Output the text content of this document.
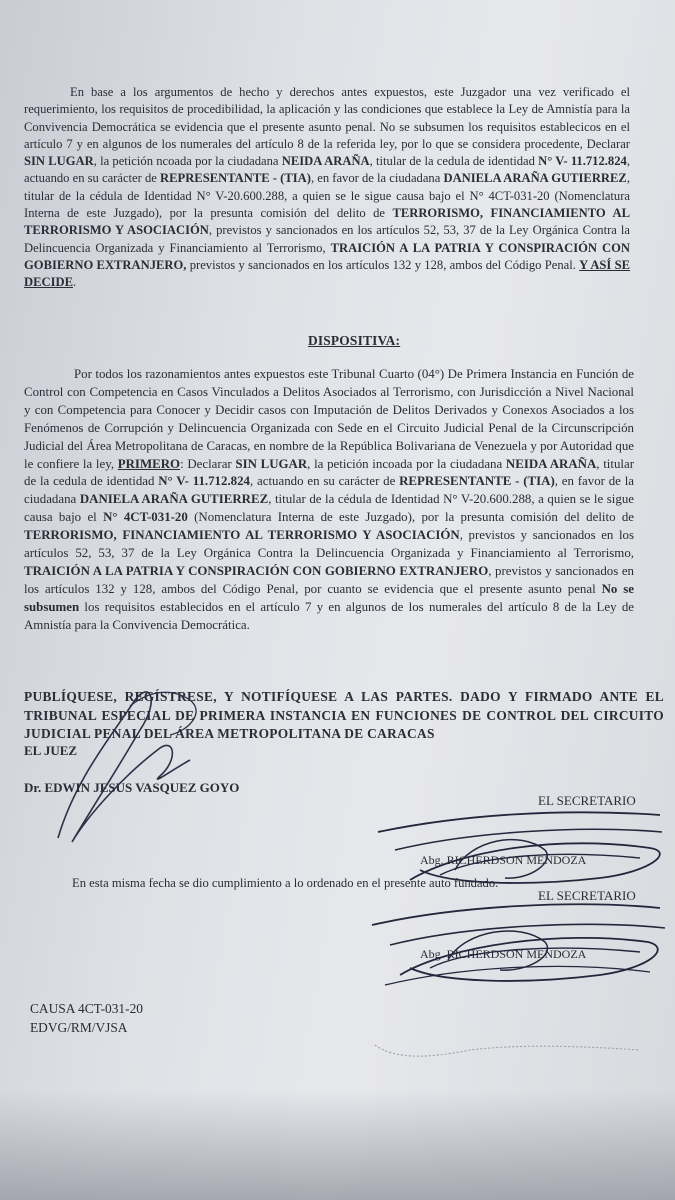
En base a los argumentos de hecho y derechos antes expuestos, este Juzgador una vez verificado el requerimiento, los requisitos de procedibilidad, la aplicación y las condiciones que establece la Ley de Amnistía para la Convivencia Democrática se evidencia que el presente asunto penal. No se subsumen los requisitos establecicos en el artículo 7 y en algunos de los numerales del artículo 8 de la referida ley, por lo que se considera procedente, Declarar SIN LUGAR, la petición ncoada por la ciudadana NEIDA ARAÑA, titular de la cedula de identidad N° V- 11.712.824, actuando en su carácter de REPRESENTANTE - (TIA), en favor de la ciudadana DANIELA ARAÑA GUTIERREZ, titular de la cédula de Identidad N° V-20.600.288, a quien se le sigue causa bajo el N° 4CT-031-20 (Nomenclatura Interna de este Juzgado), por la presunta comisión del delito de TERRORISMO, FINANCIAMIENTO AL TERRORISMO Y ASOCIACIÓN, previstos y sancionados en los artículos 52, 53, 37 de la Ley Orgánica Contra la Delincuencia Organizada y Financiamiento al Terrorismo, TRAICIÓN A LA PATRIA Y CONSPIRACIÓN CON GOBIERNO EXTRANJERO, previstos y sancionados en los artículos 132 y 128, ambos del Código Penal. Y ASÍ SE DECIDE.

DISPOSITIVA:

Por todos los razonamientos antes expuestos este Tribunal Cuarto (04°) De Primera Instancia en Función de Control con Competencia en Casos Vinculados a Delitos Asociados al Terrorismo, con Jurisdicción a Nivel Nacional y con Competencia para Conocer y Decidir casos con Imputación de Delitos Derivados y Conexos Asociados a los Fenómenos de Corrupción y Delincuencia Organizada con Sede en el Circuito Judicial Penal de la Circunscripción Judicial del Área Metropolitana de Caracas, en nombre de la República Bolivariana de Venezuela y por Autoridad que le confiere la ley, PRIMERO: Declarar SIN LUGAR, la petición incoada por la ciudadana NEIDA ARAÑA, titular de la cedula de identidad N° V- 11.712.824, actuando en su carácter de REPRESENTANTE - (TIA), en favor de la ciudadana DANIELA ARAÑA GUTIERREZ, titular de la cédula de Identidad N° V-20.600.288, a quien se le sigue causa bajo el N° 4CT-031-20 (Nomenclatura Interna de este Juzgado), por la presunta comisión del delito de TERRORISMO, FINANCIAMIENTO AL TERRORISMO Y ASOCIACIÓN, previstos y sancionados en los artículos 52, 53, 37 de la Ley Orgánica Contra la Delincuencia Organizada y Financiamiento al Terrorismo, TRAICIÓN A LA PATRIA Y CONSPIRACIÓN CON GOBIERNO EXTRANJERO, previstos y sancionados en los artículos 132 y 128, ambos del Código Penal, por cuanto se evidencia que el presente asunto penal No se subsumen los requisitos establecidos en el artículo 7 y en algunos de los numerales del artículo 8 de la Ley de Amnistía para la Convivencia Democrática.

PUBLÍQUESE, REGÍSTRESE, Y NOTIFÍQUESE A LAS PARTES. DADO Y FIRMADO ANTE EL TRIBUNAL ESPECIAL DE PRIMERA INSTANCIA EN FUNCIONES DE CONTROL DEL CIRCUITO JUDICIAL PENAL DEL ÁREA METROPOLITANA DE CARACAS

EL JUEZ
Dr. EDWIN JESUS VASQUEZ GOYO
EL SECRETARIO
Abg. RICHERDSON MENDOZA
En esta misma fecha se dio cumplimiento a lo ordenado en el presente auto fundado.
EL SECRETARIO
Abg. RICHERDSON MENDOZA
CAUSA 4CT-031-20
EDVG/RM/VJSA
